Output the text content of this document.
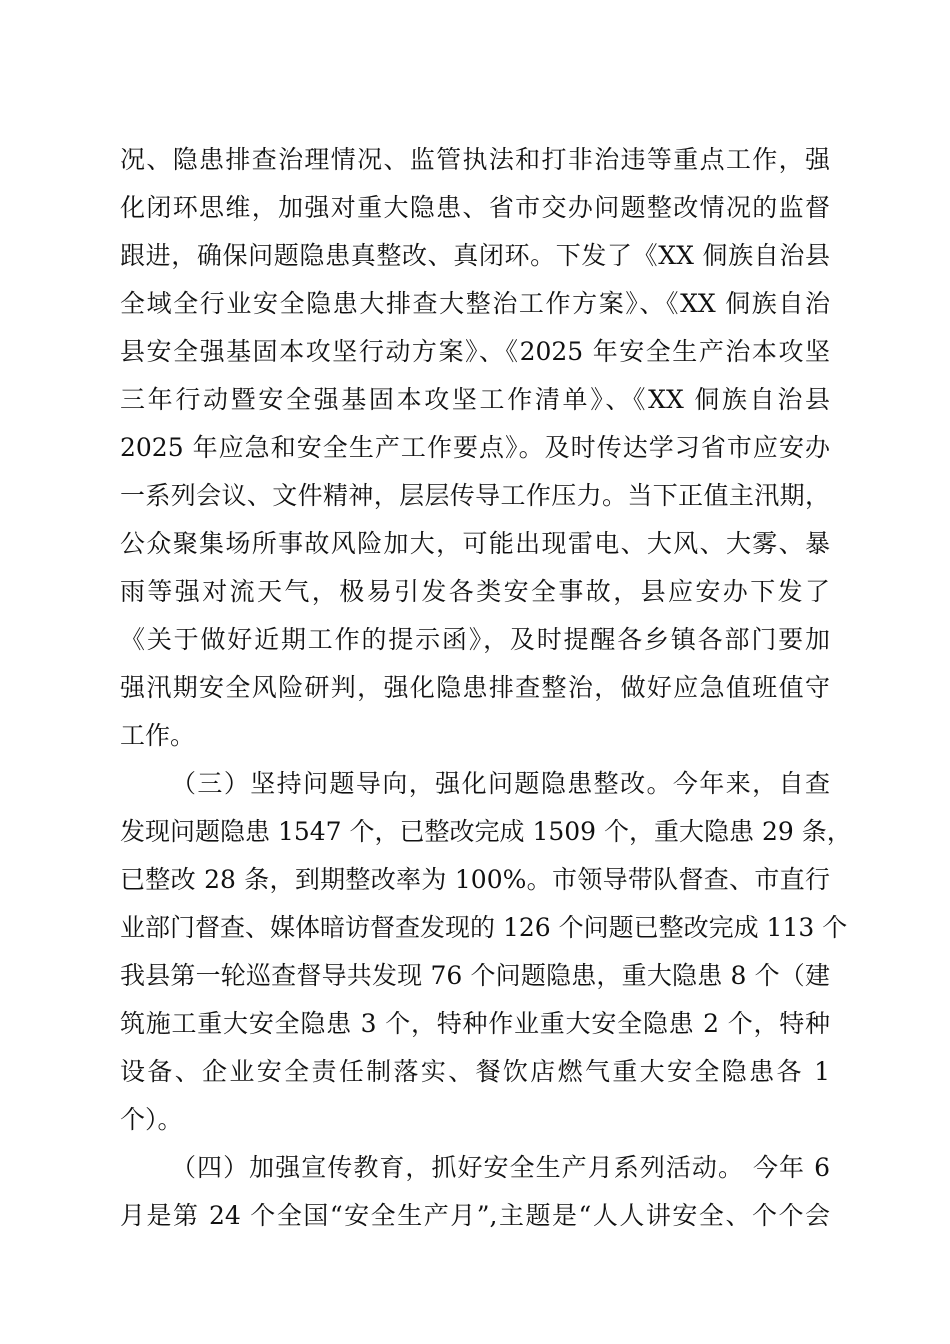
况、隐患排查治理情况、监管执法和打非治违等重点工作，强
化闭环思维，加强对重大隐患、省市交办问题整改情况的监督
跟进，确保问题隐患真整改、真闭环。下发了《XX 侗族自治县
全域全行业安全隐患大排查大整治工作方案》、《XX 侗族自治
县安全强基固本攻坚行动方案》、《2025 年安全生产治本攻坚
三年行动暨安全强基固本攻坚工作清单》、《XX 侗族自治县
2025 年应急和安全生产工作要点》。及时传达学习省市应安办
一系列会议、文件精神，层层传导工作压力。当下正值主汛期，
公众聚集场所事故风险加大，可能出现雷电、大风、大雾、暴
雨等强对流天气，极易引发各类安全事故，县应安办下发了
《关于做好近期工作的提示函》，及时提醒各乡镇各部门要加
强汛期安全风险研判，强化隐患排查整治，做好应急值班值守
工作。
（三）坚持问题导向，强化问题隐患整改。今年来，自查
发现问题隐患 1547 个，已整改完成 1509 个，重大隐患 29 条，
已整改 28 条，到期整改率为 100%。市领导带队督查、市直行
业部门督查、媒体暗访督查发现的 126 个问题已整改完成 113 个
我县第一轮巡查督导共发现 76 个问题隐患，重大隐患 8 个（建
筑施工重大安全隐患 3 个，特种作业重大安全隐患 2 个，特种
设备、企业安全责任制落实、餐饮店燃气重大安全隐患各 1
个）。
（四）加强宣传教育，抓好安全生产月系列活动。 今年 6
月是第 24 个全国“安全生产月”,主题是“人人讲安全、个个会
